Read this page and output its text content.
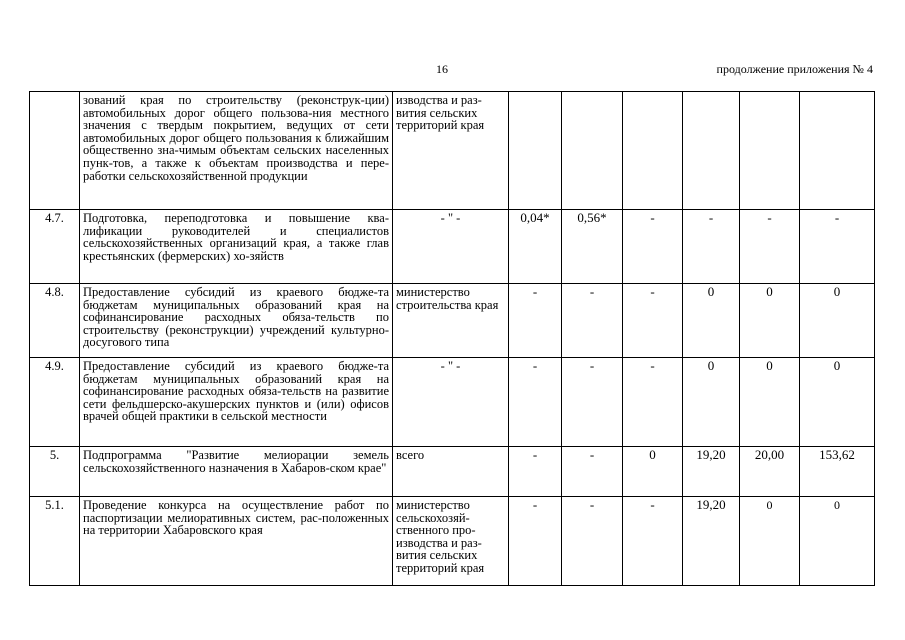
16	продолжение приложения № 4
	зований края по строительству (реконструк-ции) автомобильных дорог общего пользова-ния местного значения с твердым покрытием, ведущих от сети автомобильных дорог общего пользования к ближайшим общественно зна-чимым объектам сельских населенных пунк-тов, а также к объектам производства и пере-работки сельскохозяйственной продукции	изводства и раз-вития сельских территорий края						
4.7.	Подготовка, переподготовка и повышение ква-лификации руководителей и специалистов сельскохозяйственных организаций края, а также глав крестьянских (фермерских) хо-зяйств	- " -	0,04*	0,56*	-	-	-	-
4.8.	Предоставление субсидий из краевого бюдже-та бюджетам муниципальных образований края на софинансирование расходных обяза-тельств по строительству (реконструкции) учреждений культурно-досугового типа	министерство строительства края	-	-	-	0	0	0
4.9.	Предоставление субсидий из краевого бюдже-та бюджетам муниципальных образований края на софинансирование расходных обяза-тельств на развитие сети фельдшерско-акушерских пунктов и (или) офисов врачей общей практики в сельской местности	- " -	-	-	-	0	0	0
5.	Подпрограмма "Развитие мелиорации земель сельскохозяйственного назначения в Хабаров-ском крае"	всего	-	-	0	19,20	20,00	153,62
5.1.	Проведение конкурса на осуществление работ по паспортизации мелиоративных систем, рас-положенных на территории Хабаровского края	министерство сельскохозяй-ственного про-изводства и раз-вития сельских территорий края	-	-	-	19,20	0	0
